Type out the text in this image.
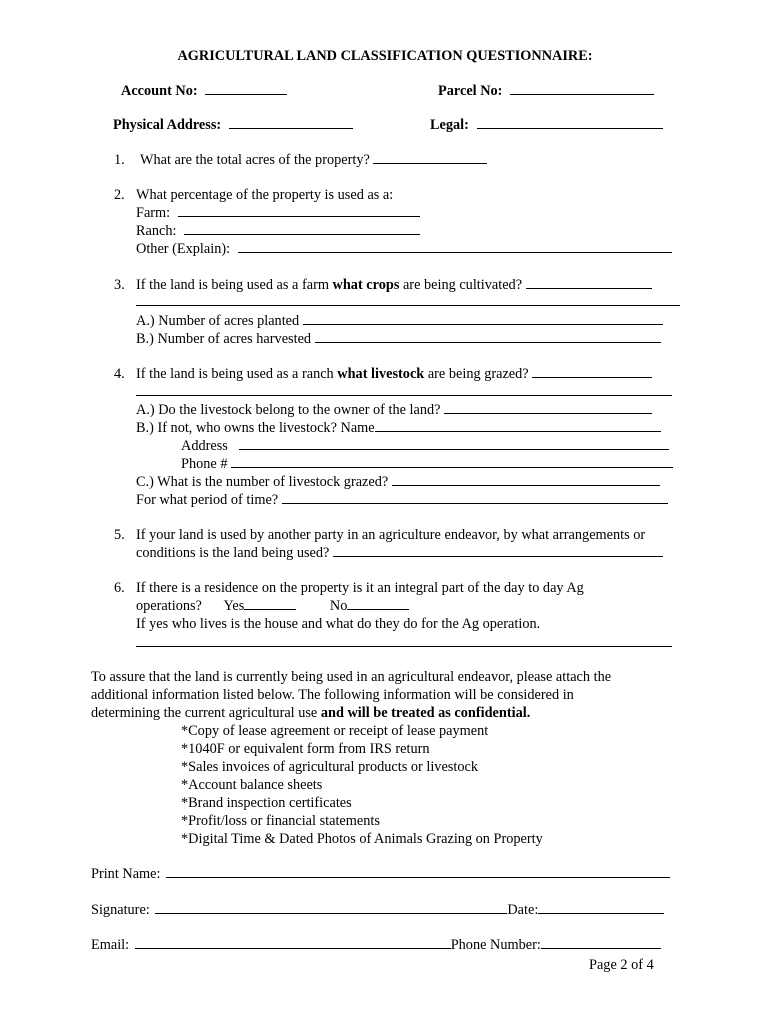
AGRICULTURAL LAND CLASSIFICATION QUESTIONNAIRE:
Account No:	Parcel No:
Physical Address:	Legal:
1. What are the total acres of the property?
2. What percentage of the property is used as a:
Farm:
Ranch:
Other (Explain):
3. If the land is being used as a farm what crops are being cultivated?
A.) Number of acres planted
B.) Number of acres harvested
4. If the land is being used as a ranch what livestock are being grazed?
A.) Do the livestock belong to the owner of the land?
B.) If not, who owns the livestock? Name
Address
Phone #
C.) What is the number of livestock grazed?
For what period of time?
5. If your land is used by another party in an agriculture endeavor, by what arrangements or
conditions is the land being used?
6. If there is a residence on the property is it an integral part of the day to day Ag
operations? Yes	No
If yes who lives is the house and what do they do for the Ag operation.
To assure that the land is currently being used in an agricultural endeavor, please attach the
additional information listed below. The following information will be considered in
determining the current agricultural use and will be treated as confidential.
*Copy of lease agreement or receipt of lease payment
*1040F or equivalent form from IRS return
*Sales invoices of agricultural products or livestock
*Account balance sheets
*Brand inspection certificates
*Profit/loss or financial statements
*Digital Time & Dated Photos of Animals Grazing on Property
Print Name:
Signature:	Date:
Email:	Phone Number:
Page 2 of 4
